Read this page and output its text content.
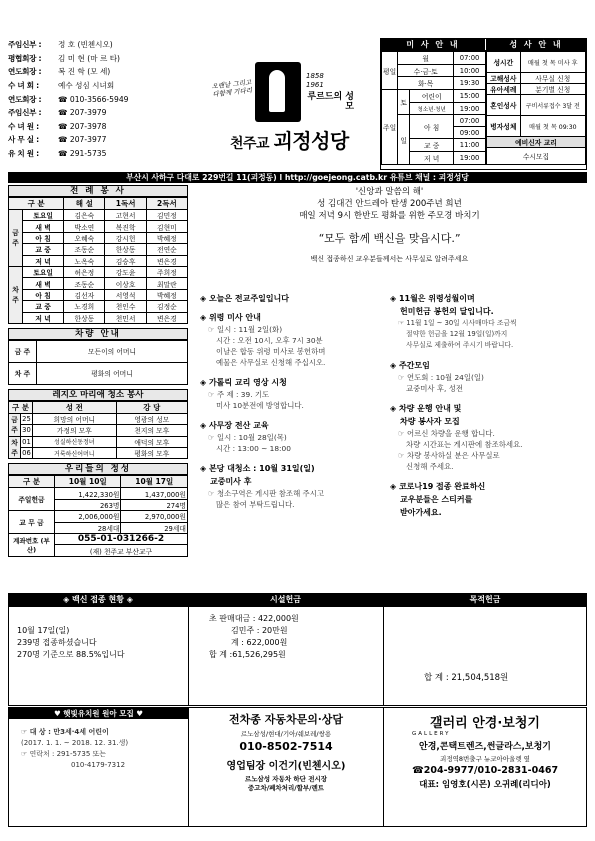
주임신부 :	정 호 (빈첸시오)
평협회장 :	김 미 현 (마 르 타)
연도회장 :	복 진 학 (모 세)
수 녀 회 :	예수 성심 시녀회
연도회장 :	☎ 010-3566-5949
주임신부 :	☎ 207-3979
수 녀 원 :	☎ 207-3978
사 무 실 :	☎ 207-3977
유 치 원 :	☎ 291-5735
오랜날 그리고 다함께 기다리
1858 1961
루르드의 성모
천주교 괴정성당
미 사 안 내	성 사 안 내
평일	월		07:00
	수·금·토		10:00
	화·목		19:30
주일	토	어린이	15:00
		청소년·청년	19:00
	일	아 침	07:00
			09:00
		교 중	11:00
		저 녁	19:00
성시간	매월 첫 목 미사 후
고해성사	사무실 신청
유아세례	분기별 신청
혼인성사	구비서류접수 3달 전
병자성체	매월 첫 목 09:30
예비신자 교리	
수시모집	
부산시 사하구 다대로 229번길 11(괴정동) l http://goejeong.catb.kr 유튜브 채널 : 괴정성당
전 례 봉 사
구 분		해 설	1독서	2독서
금주	토요일	김은숙	고현서	김민정
	새 벽	박소연	복진학	김현미
	아 침	오혜숙	강시헌	박혜정
	교 중	조동순	한상동	전연순
	저 녁	노옥숙	김승후	변은경
차주	토요일	허은정	강도윤	주희정
	새 벽	조동순	이상호	최말란
	아 침	김선자	서영석	박혜정
	교 중	노경희	천인수	김정순
	저 녁	한상동	천민서	변은경
차량 안내
금 주	모든이의 어머니
차 주	평화의 어머니
레지오 마리애 청소 봉사
구 분		성 전	강 당
금주	25	희망의 어머니	영광의 성모
	30	가정의 모후	천지의 모후
차주	01	성실하신동정녀	애덕의 모후
	06	거룩하신어머니	평화의 모후
우리들의 정성
구 분	10월 10일	10월 17일
주일헌금	1,422,330원	1,437,000원
	263명	274명
교 무 금	2,006,000원	2,970,000원
	28세대	29세대
계좌번호 (부산)	055-01-031266-2	
	(재) 천주교 부산교구	
'신앙과 말씀의 해'
성 김대건 안드레아 탄생 200주년 희년
매일 저녁 9시 한반도 평화를 위한 주모경 바치기
“모두 함께 백신을 맞읍시다.”
백신 접종하신 교우분들께서는 사무실로 알려주세요
◈ 오늘은 전교주일입니다
◈ 위령 미사 안내
☞ 일시 : 11월 2일(화)
시간 : 오전 10시, 오후 7시 30분
이날은 합동 위령 미사로 봉헌하며
예물은 사무실로 신청해 주십시오.
◈ 가톨릭 교리 영상 시청
☞ 주 제 : 39. 기도
미사 10분전에 방영합니다.
◈ 사무장 전산 교육
☞ 일시 : 10월 28일(목)
시간 : 13:00 ~ 18:00
◈ 본당 대청소 : 10월 31일(일)
교중미사 후
☞ 청소구역은 게시판 참조해 주시고
많은 참여 부탁드립니다.
◈ 11월은 위령성월이며
헌미헌금 봉헌의 달입니다.
☞ 11월 1일 ~ 30일 시사매마다 조금씩
절약한 헌금을 12월 19일(일)까지
사무실로 제출하여 주시기 바랍니다.
◈ 주간모임
☞ 연도회 : 10월 24일(일)
교중미사 후, 성전
◈ 차량 운행 안내 및
차량 봉사자 모집
☞ 어르신 차량을 운행 합니다.
차량 시간표는 게시판에 참조하세요.
☞ 차량 봉사하실 분은 사무실로
신청해 주세요.
◈ 코로나19 접종 완료하신
교우분들은 스티커를
받아가세요.
◈ 백신 접종 현황 ◈	시설헌금	목적헌금
10월 17일(일)
239명 접종하셨습니다
270명 기준으로 88.5%입니다
초 판매대금 : 422,000원
김민주 : 20만원
계 : 622,000원
합 계 :61,526,295원
합 계 : 21,504,518원
♥ 햇빛유치원 원아 모집 ♥
☞ 대 상 : 만3세·4세 어린이
(2017. 1. 1. ~ 2018. 12. 31.생)
☞ 연락처 : 291-5735 또는
010-4179-7312
전차종 자동차문의·상담
르노삼성/현대/기아/쉐보레/쌍용
010-8502-7514
영업팀장 이건기(빈첸시오)
르노삼성 자동차 하단 전시장
중고차/폐차처리/할부/렌트
갤러리 안경·보청기
GALLERY
안경,콘택트렌즈,썬글라스,보청기
괴정역8번출구 뉴코아아울렛 옆
☎204-9977/010-2831-0467
대표: 임영호(시몬) 오귀례(리디아)
